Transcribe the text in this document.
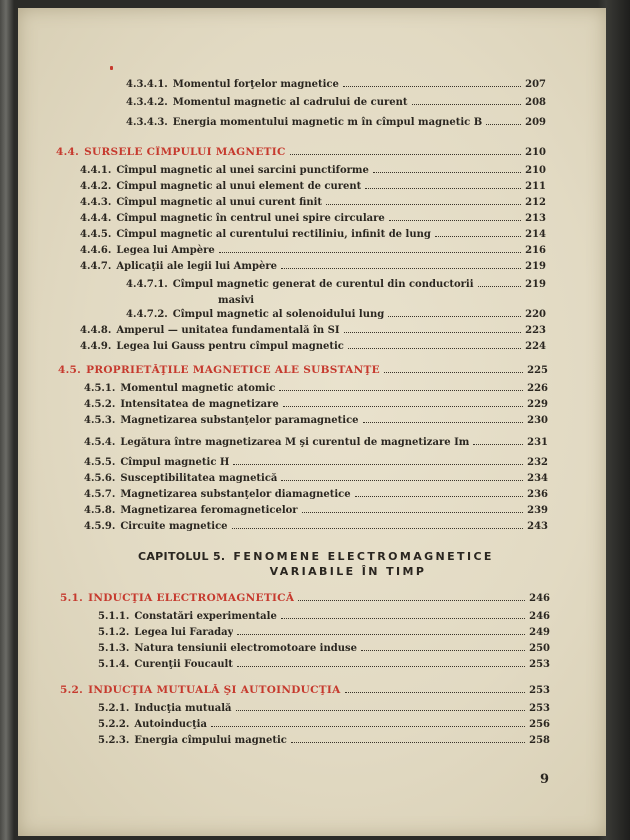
4.3.4.1. Momentul forţelor magnetice	207
4.3.4.2. Momentul magnetic al cadrului de curent	208
4.3.4.3. Energia momentului magnetic m în cîmpul magnetic B	209
4.4. SURSELE CÎMPULUI MAGNETIC	210
4.4.1. Cîmpul magnetic al unei sarcini punctiforme	210
4.4.2. Cîmpul magnetic al unui element de curent	211
4.4.3. Cîmpul magnetic al unui curent finit	212
4.4.4. Cîmpul magnetic în centrul unei spire circulare	213
4.4.5. Cîmpul magnetic al curentului rectiliniu, infinit de lung	214
4.4.6. Legea lui Ampère	216
4.4.7. Aplicaţii ale legii lui Ampère	219
4.4.7.1. Cîmpul magnetic generat de curentul din conductorii	219
masivi
4.4.7.2. Cîmpul magnetic al solenoidului lung	220
4.4.8. Amperul — unitatea fundamentală în SI	223
4.4.9. Legea lui Gauss pentru cîmpul magnetic	224
4.5. PROPRIETĂŢILE MAGNETICE ALE SUBSTANŢE	225
4.5.1. Momentul magnetic atomic	226
4.5.2. Intensitatea de magnetizare	229
4.5.3. Magnetizarea substanţelor paramagnetice	230
4.5.4. Legătura între magnetizarea M şi curentul de magnetizare Im	231
4.5.5. Cîmpul magnetic H	232
4.5.6. Susceptibilitatea magnetică	234
4.5.7. Magnetizarea substanţelor diamagnetice	236
4.5.8. Magnetizarea feromagneticelor	239
4.5.9. Circuite magnetice	243
5.1. INDUCŢIA ELECTROMAGNETICĂ	246
5.1.1. Constatări experimentale	246
5.1.2. Legea lui Faraday	249
5.1.3. Natura tensiunii electromotoare induse	250
5.1.4. Curenţii Foucault	253
5.2. INDUCŢIA MUTUALĂ ŞI AUTOINDUCŢIA	253
5.2.1. Inducţia mutuală	253
5.2.2. Autoinducţia	256
5.2.3. Energia cîmpului magnetic	258
CAPITOLUL 5. FENOMENE ELECTROMAGNETICE
VARIABILE ÎN TIMP
9
